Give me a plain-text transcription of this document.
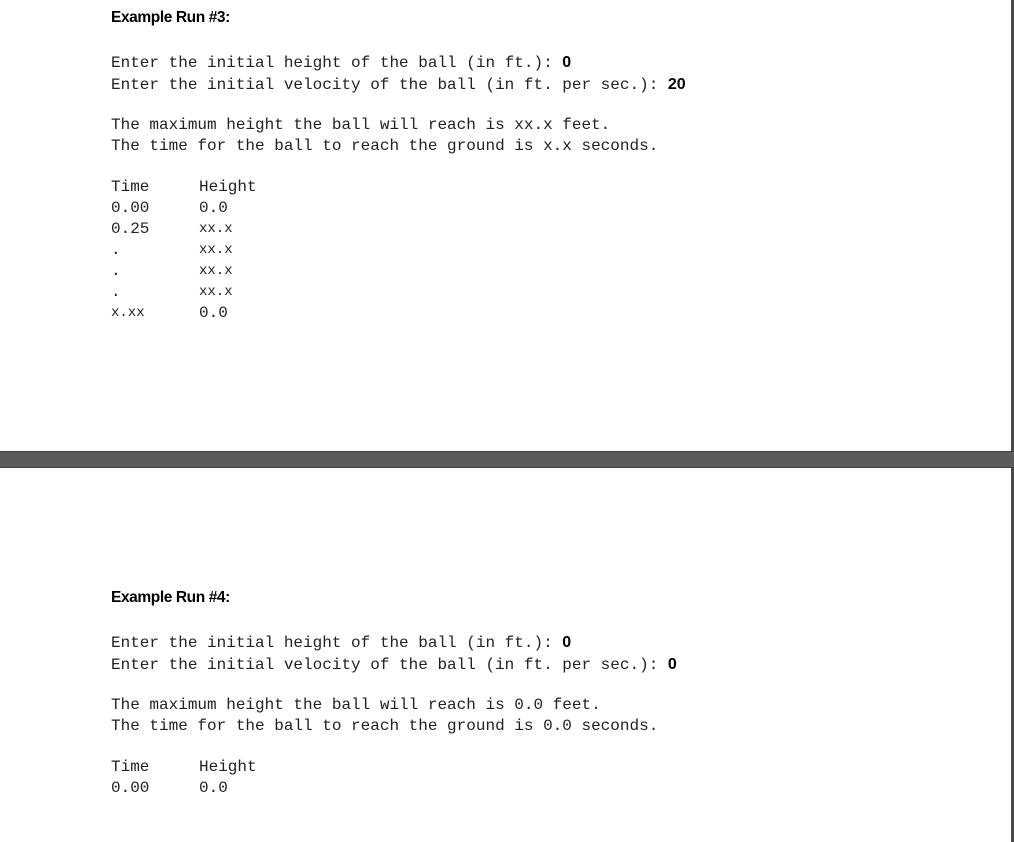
Example Run #3:
Enter the initial height of the ball (in ft.): 0
Enter the initial velocity of the ball (in ft. per sec.): 20
The maximum height the ball will reach is xx.x feet.
The time for the ball to reach the ground is x.x seconds.
Time	Height
0.00	0.0
0.25	xx.x
.	xx.x
.	xx.x
.	xx.x
x.xx	0.0
Example Run #4:
Enter the initial height of the ball (in ft.): 0
Enter the initial velocity of the ball (in ft. per sec.): 0
The maximum height the ball will reach is 0.0 feet.
The time for the ball to reach the ground is 0.0 seconds.
Time	Height
0.00	0.0
